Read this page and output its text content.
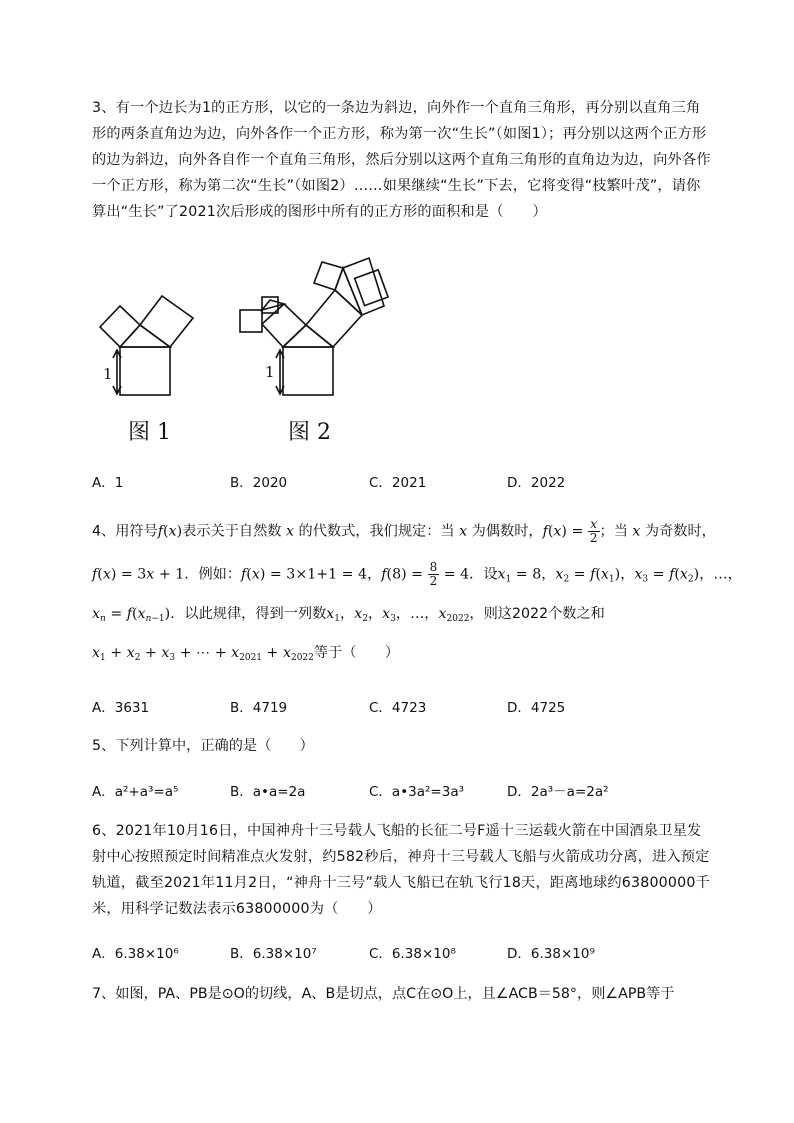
3、有一个边长为1的正方形，以它的一条边为斜边，向外作一个直角三角形，再分别以直角三角形的两条直角边为边，向外各作一个正方形，称为第一次“生长”（如图1）；再分别以这两个正方形的边为斜边，向外各自作一个直角三角形，然后分别以这两个直角三角形的直角边为边，向外各作一个正方形，称为第二次“生长”（如图2）……如果继续“生长”下去，它将变得“枝繁叶茂”，请你算出“生长”了2021次后形成的图形中所有的正方形的面积和是（　　）
1	1
图 1	图 2
A．1	B．2020	C．2021	D．2022
4、用符号f(x)表示关于自然数 x 的代数式，我们规定：当 x 为偶数时，$f(x) = \frac{x}{2}$ ；当 x 为奇数时，
f(x) = 3x + 1．例如：f(x) = 3×1+1 = 4，$f(8) = \frac{8}{2} = 4$．设$x_1 = 8$，$x_2 = f(x_1)$，$x_3 = f(x_2)$，…，
$x_n = f(x_{n-1})$．以此规律，得到一列数$x_1$，$x_2$，$x_3$，…，$x_{2022}$，则这2022个数之和
$x_1 + x_2 + x_3$ + ⋯ + $x_{2021} + x_{2022}$等于（　　）
A．3631	B．4719	C．4723	D．4725
5、下列计算中，正确的是（　　）
A．a²+a³=a⁵	B．a•a=2a	C．a•3a²=3a³	D．2a³－a=2a²
6、2021年10月16日，中国神舟十三号载人飞船的长征二号F遥十三运载火箭在中国酒泉卫星发射中心按照预定时间精准点火发射，约582秒后，神舟十三号载人飞船与火箭成功分离，进入预定轨道，截至2021年11月2日，“神舟十三号”载人飞船已在轨飞行18天，距离地球约63800000千米，用科学记数法表示63800000为（　　）
A．6.38×10⁶	B．6.38×10⁷	C．6.38×10⁸	D．6.38×10⁹
7、如图，PA、PB是⊙O的切线，A、B是切点，点C在⊙O上，且∠ACB＝58°，则∠APB等于
